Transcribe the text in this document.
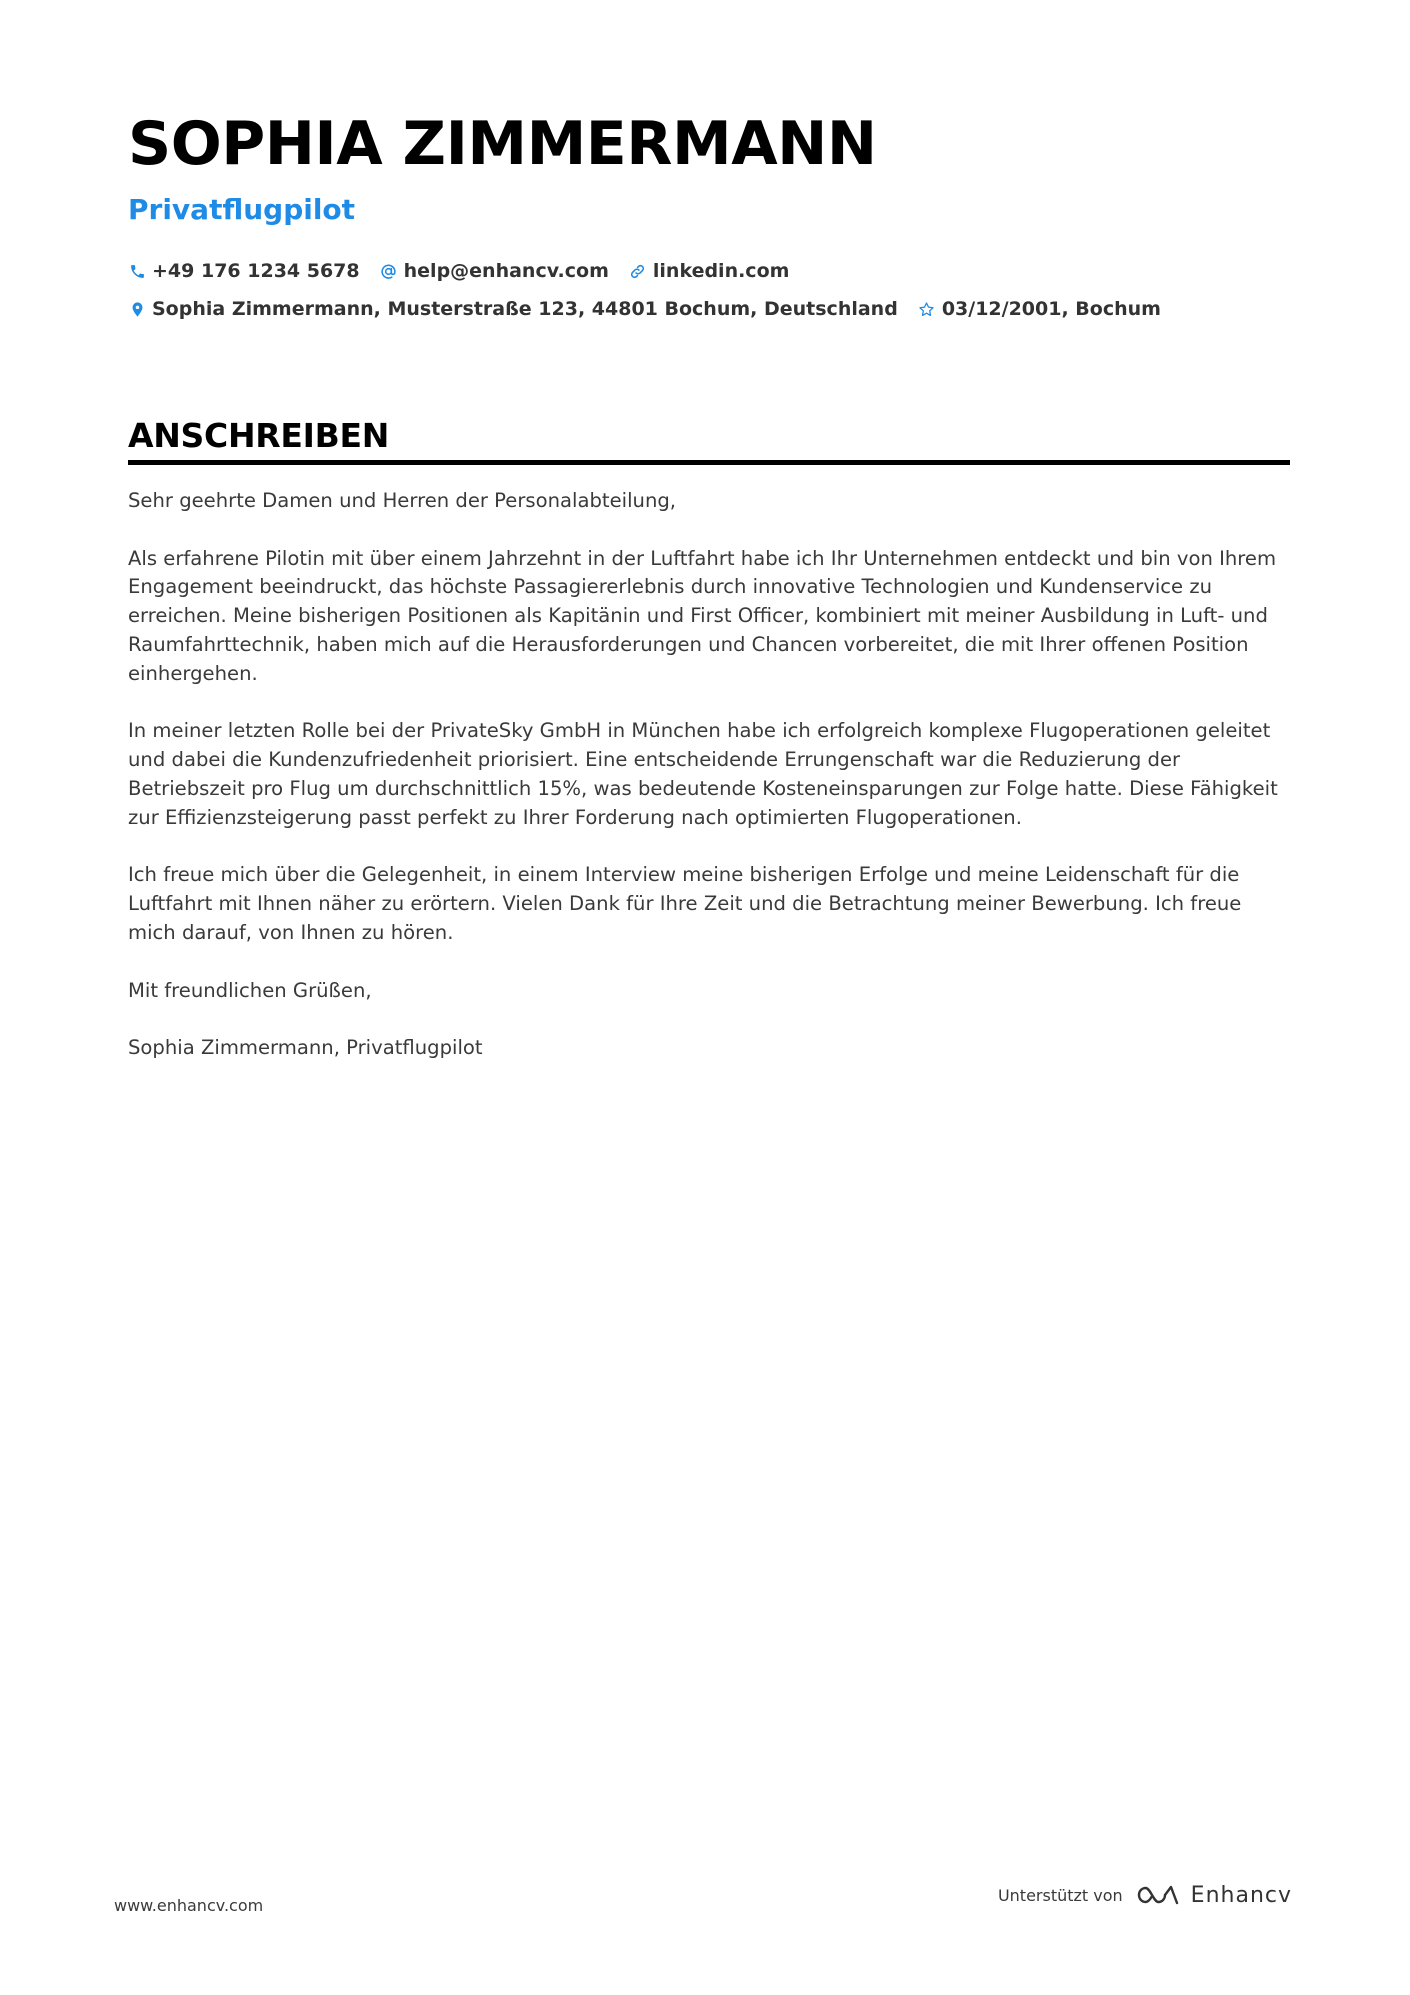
SOPHIA ZIMMERMANN
Privatflugpilot
+49 176 1234 5678 help@enhancv.com linkedin.com
Sophia Zimmermann, Musterstraße 123, 44801 Bochum, Deutschland 03/12/2001, Bochum
ANSCHREIBEN

Sehr geehrte Damen und Herren der Personalabteilung,

Als erfahrene Pilotin mit über einem Jahrzehnt in der Luftfahrt habe ich Ihr Unternehmen entdeckt und bin von Ihrem Engagement beeindruckt, das höchste Passagiererlebnis durch innovative Technologien und Kundenservice zu erreichen. Meine bisherigen Positionen als Kapitänin und First Officer, kombiniert mit meiner Ausbildung in Luft- und Raumfahrttechnik, haben mich auf die Herausforderungen und Chancen vorbereitet, die mit Ihrer offenen Position einhergehen.

In meiner letzten Rolle bei der PrivateSky GmbH in München habe ich erfolgreich komplexe Flugoperationen geleitet und dabei die Kundenzufriedenheit priorisiert. Eine entscheidende Errungenschaft war die Reduzierung der Betriebszeit pro Flug um durchschnittlich 15%, was bedeutende Kosteneinsparungen zur Folge hatte. Diese Fähigkeit zur Effizienzsteigerung passt perfekt zu Ihrer Forderung nach optimierten Flugoperationen.

Ich freue mich über die Gelegenheit, in einem Interview meine bisherigen Erfolge und meine Leidenschaft für die Luftfahrt mit Ihnen näher zu erörtern. Vielen Dank für Ihre Zeit und die Betrachtung meiner Bewerbung. Ich freue mich darauf, von Ihnen zu hören.

Mit freundlichen Grüßen,

Sophia Zimmermann, Privatflugpilot

www.enhancv.com
Unterstützt von	Enhancv
